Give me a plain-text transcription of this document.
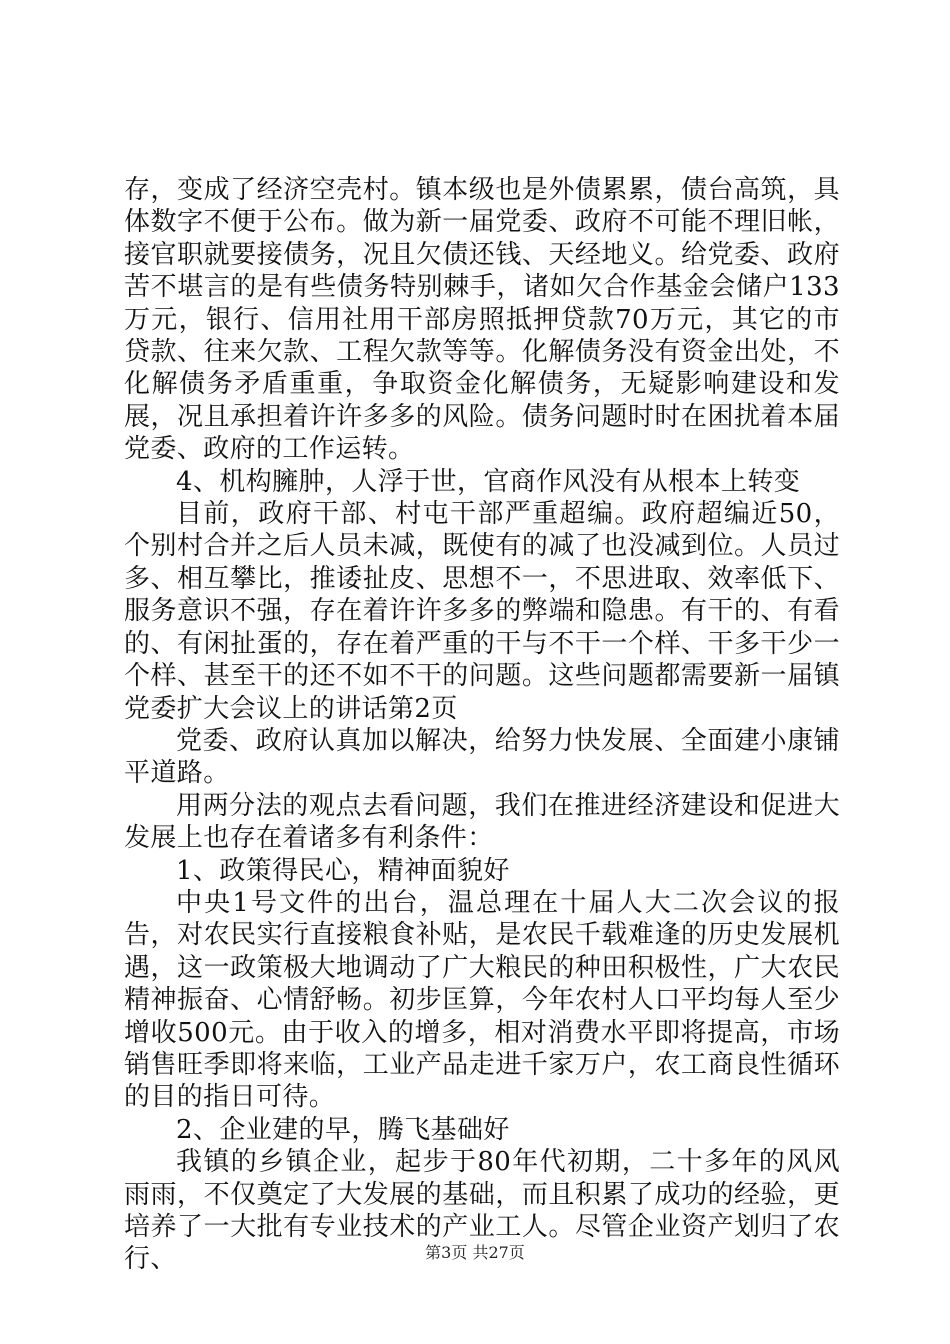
存，变成了经济空壳村。镇本级也是外债累累，债台高筑，具体数字不便于公布。做为新一届党委、政府不可能不理旧帐，接官职就要接债务，况且欠债还钱、天经地义。给党委、政府苦不堪言的是有些债务特别棘手，诸如欠合作基金会储户133万元，银行、信用社用干部房照抵押贷款70万元，其它的市贷款、往来欠款、工程欠款等等。化解债务没有资金出处，不化解债务矛盾重重，争取资金化解债务，无疑影响建设和发展，况且承担着许许多多的风险。债务问题时时在困扰着本届党委、政府的工作运转。

4、机构臃肿，人浮于世，官商作风没有从根本上转变

目前，政府干部、村屯干部严重超编。政府超编近50，个别村合并之后人员未减，既使有的减了也没减到位。人员过多、相互攀比，推诿扯皮、思想不一，不思进取、效率低下、服务意识不强，存在着许许多多的弊端和隐患。有干的、有看的、有闲扯蛋的，存在着严重的干与不干一个样、干多干少一个样、甚至干的还不如不干的问题。这些问题都需要新一届镇党委扩大会议上的讲话第2页

党委、政府认真加以解决，给努力快发展、全面建小康铺平道路。

用两分法的观点去看问题，我们在推进经济建设和促进大发展上也存在着诸多有利条件：

1、政策得民心，精神面貌好

中央1号文件的出台，温总理在十届人大二次会议的报告，对农民实行直接粮食补贴，是农民千载难逢的历史发展机遇，这一政策极大地调动了广大粮民的种田积极性，广大农民精神振奋、心情舒畅。初步匡算，今年农村人口平均每人至少增收500元。由于收入的增多，相对消费水平即将提高，市场销售旺季即将来临，工业产品走进千家万户，农工商良性循环的目的指日可待。

2、企业建的早，腾飞基础好

我镇的乡镇企业，起步于80年代初期，二十多年的风风雨雨，不仅奠定了大发展的基础，而且积累了成功的经验，更培养了一大批有专业技术的产业工人。尽管企业资产划归了农行、	第3页 共27页
